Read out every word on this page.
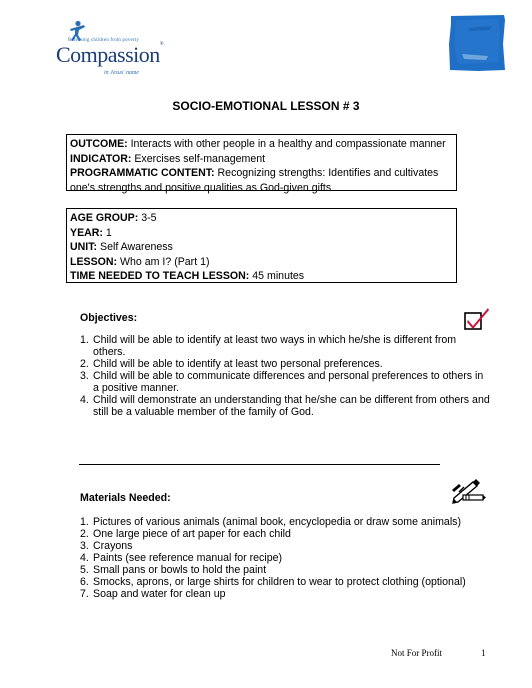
Releasing children from poverty
Compassion®
in Jesus' name
SOCIO-EMOTIONAL LESSON # 3
OUTCOME: Interacts with other people in a healthy and compassionate manner
INDICATOR: Exercises self-management
PROGRAMMATIC CONTENT: Recognizing strengths: Identifies and cultivates one's strengths and positive qualities as God-given gifts
AGE GROUP: 3-5
YEAR: 1
UNIT: Self Awareness
LESSON: Who am I? (Part 1)
TIME NEEDED TO TEACH LESSON: 45 minutes
Objectives:
1. Child will be able to identify at least two ways in which he/she is different from others.
2. Child will be able to identify at least two personal preferences.
3. Child will be able to communicate differences and personal preferences to others in a positive manner.
4. Child will demonstrate an understanding that he/she can be different from others and still be a valuable member of the family of God.
Materials Needed:
1. Pictures of various animals (animal book, encyclopedia or draw some animals)
2. One large piece of art paper for each child
3. Crayons
4. Paints (see reference manual for recipe)
5. Small pans or bowls to hold the paint
6. Smocks, aprons, or large shirts for children to wear to protect clothing (optional)
7. Soap and water for clean up
Not For Profit	1
